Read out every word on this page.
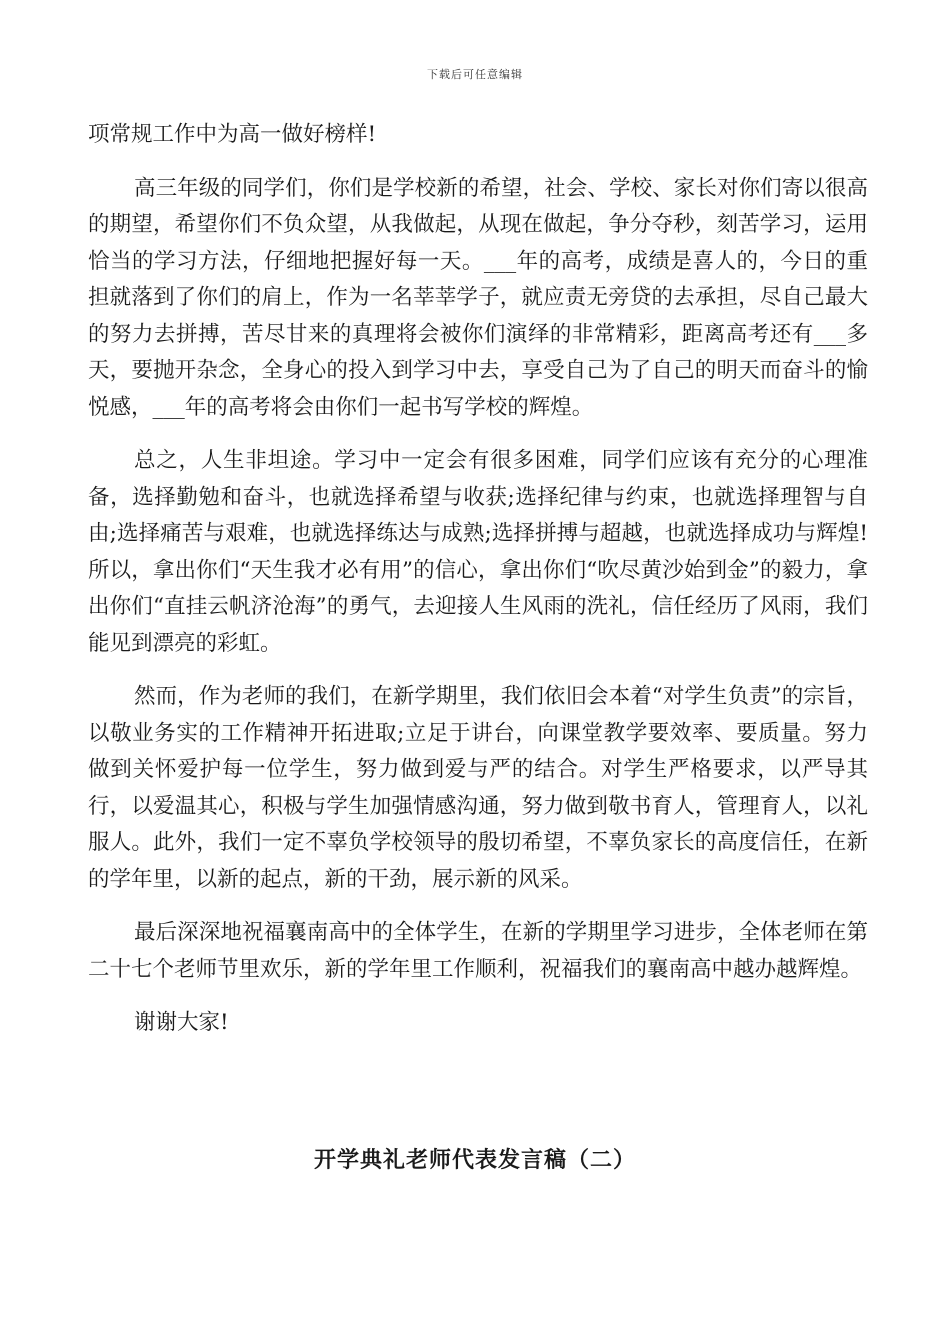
下载后可任意编辑

项常规工作中为高一做好榜样!

高三年级的同学们，你们是学校新的希望，社会、学校、家长对你们寄以很高的期望，希望你们不负众望，从我做起，从现在做起，争分夺秒，刻苦学习，运用恰当的学习方法，仔细地把握好每一天。___年的高考，成绩是喜人的，今日的重担就落到了你们的肩上，作为一名莘莘学子，就应责无旁贷的去承担，尽自己最大的努力去拼搏，苦尽甘来的真理将会被你们演绎的非常精彩，距离高考还有___多天，要抛开杂念，全身心的投入到学习中去，享受自己为了自己的明天而奋斗的愉悦感，___年的高考将会由你们一起书写学校的辉煌。

总之，人生非坦途。学习中一定会有很多困难，同学们应该有充分的心理准备，选择勤勉和奋斗，也就选择希望与收获;选择纪律与约束，也就选择理智与自由;选择痛苦与艰难，也就选择练达与成熟;选择拼搏与超越，也就选择成功与辉煌!所以，拿出你们“天生我才必有用”的信心，拿出你们“吹尽黄沙始到金”的毅力，拿出你们“直挂云帆济沧海”的勇气，去迎接人生风雨的洗礼，信任经历了风雨，我们能见到漂亮的彩虹。

然而，作为老师的我们，在新学期里，我们依旧会本着“对学生负责”的宗旨，以敬业务实的工作精神开拓进取;立足于讲台，向课堂教学要效率、要质量。努力做到关怀爱护每一位学生，努力做到爱与严的结合。对学生严格要求，以严导其行，以爱温其心，积极与学生加强情感沟通，努力做到敬书育人，管理育人，以礼服人。此外，我们一定不辜负学校领导的殷切希望，不辜负家长的高度信任，在新的学年里，以新的起点，新的干劲，展示新的风采。

最后深深地祝福襄南高中的全体学生，在新的学期里学习进步，全体老师在第二十七个老师节里欢乐，新的学年里工作顺利，祝福我们的襄南高中越办越辉煌。

谢谢大家!

开学典礼老师代表发言稿（二）
